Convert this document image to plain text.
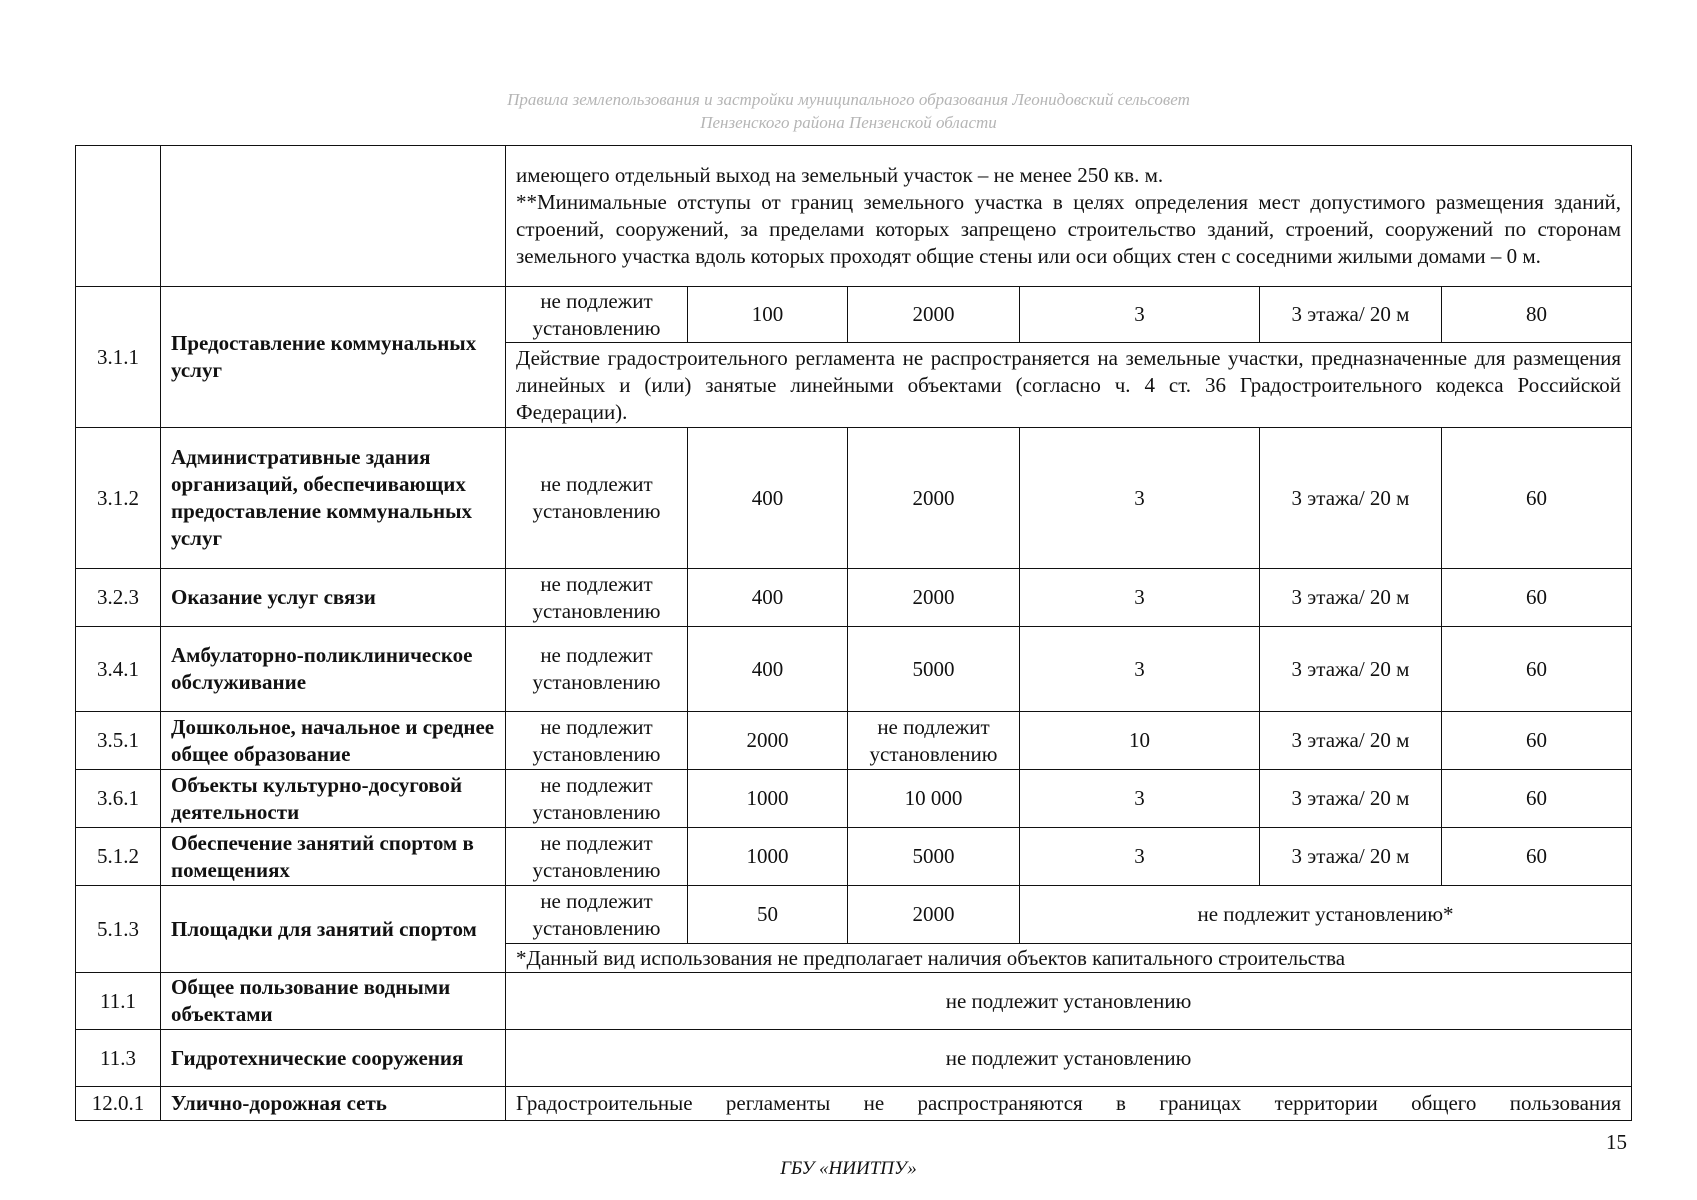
Правила землепользования и застройки муниципального образования Леонидовский сельсовет
Пензенского района Пензенской области

		имеющего отдельный выход на земельный участок – не менее 250 кв. м.
**Минимальные отступы от границ земельного участка в целях определения мест допустимого размещения зданий, строений, сооружений, за пределами которых запрещено строительство зданий, строений, сооружений по сторонам земельного участка вдоль которых проходят общие стены или оси общих стен с соседними жилыми домами – 0 м.					

3.1.1	Предоставление коммунальных услуг	не подлежит установлению	100	2000	3	3 этажа/ 20 м	80
		Действие градостроительного регламента не распространяется на земельные участки, предназначенные для размещения линейных и (или) занятые линейными объектами (согласно ч. 4 ст. 36 Градостроительного кодекса Российской Федерации).					
3.1.2	Административные здания организаций, обеспечивающих предоставление коммунальных услуг	не подлежит установлению	400	2000	3	3 этажа/ 20 м	60
3.2.3	Оказание услуг связи	не подлежит установлению	400	2000	3	3 этажа/ 20 м	60
3.4.1	Амбулаторно-поликлиническое обслуживание	не подлежит установлению	400	5000	3	3 этажа/ 20 м	60
3.5.1	Дошкольное, начальное и среднее общее образование	не подлежит установлению	2000	не подлежит установлению	10	3 этажа/ 20 м	60
3.6.1	Объекты культурно-досуговой деятельности	не подлежит установлению	1000	10 000	3	3 этажа/ 20 м	60
5.1.2	Обеспечение занятий спортом в помещениях	не подлежит установлению	1000	5000	3	3 этажа/ 20 м	60
5.1.3	Площадки для занятий спортом	не подлежит установлению	50	2000	не подлежит установлению*		
		*Данный вид использования не предполагает наличия объектов капитального строительства					
11.1	Общее пользование водными объектами	не подлежит установлению					
11.3	Гидротехнические сооружения	не подлежит установлению					
12.0.1	Улично-дорожная сеть	Градостроительные регламенты не распространяются в границах территории общего пользования					
15
ГБУ «НИИТПУ»
